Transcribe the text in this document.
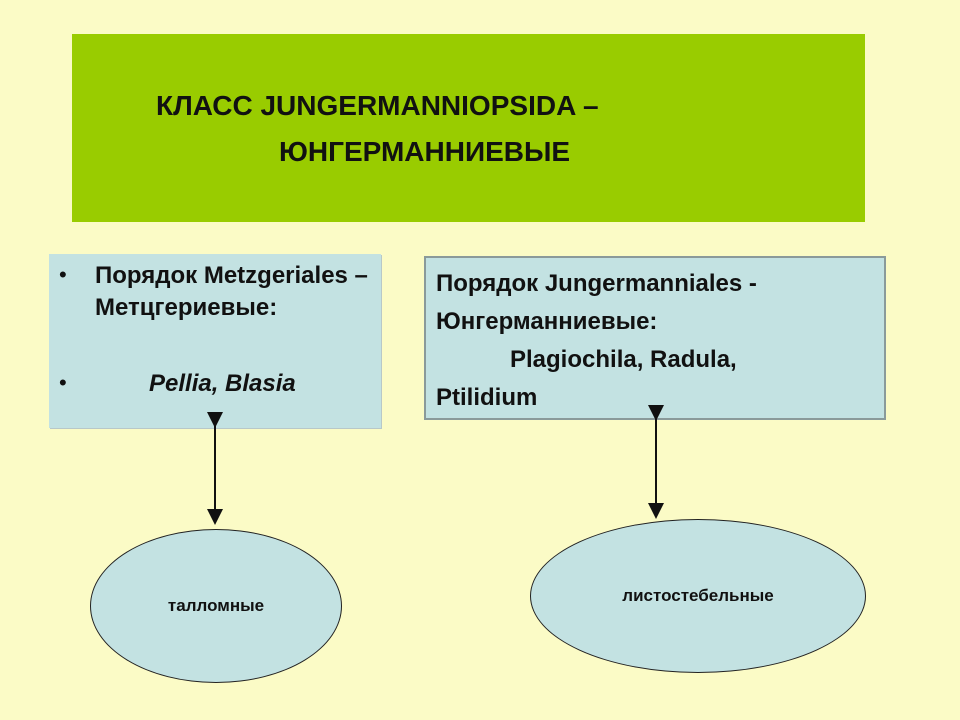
КЛАСС JUNGERMANNIOPSIDA –
ЮНГЕРМАННИЕВЫЕ
• Порядок Metzgeriales – Метцгериевые:
•	Pellia, Blasia
Порядок Jungermanniales -
Юнгерманниевые:
Plagiochila, Radula,
Ptilidium
талломные
листостебельные
